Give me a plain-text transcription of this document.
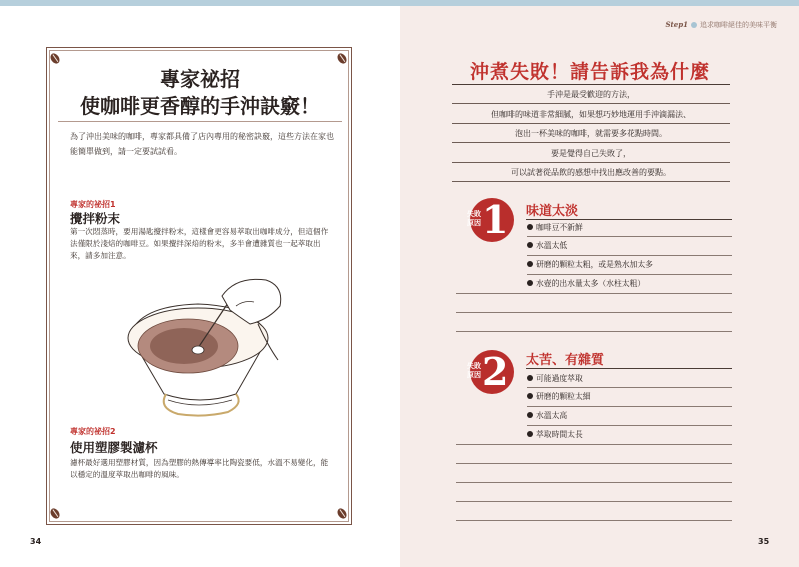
專家祕招
使咖啡更香醇的手沖訣竅！
為了沖出美味的咖啡，專家都具備了店內專用的秘密訣竅，這些方法在家也能簡單做到，請一定要試試看。
專家的祕招1
攪拌粉末
第一次悶蒸時，要用湯匙攪拌粉末，這樣會更容易萃取出咖啡成分，但這個作法僅限於淺焙的咖啡豆。如果攪拌深焙的粉末，多半會遭雜質也一起萃取出來，請多加注意。
專家的祕招2
使用塑膠製濾杯
濾杯最好選用塑膠材質，因為塑膠的熱傳導率比陶瓷要低，水溫不易變化，能以穩定的溫度萃取出咖啡的風味。
34
Step1 追求咖啡絕佳的美味平衡
沖煮失敗！請告訴我為什麼
手沖是最受歡迎的方法，
但咖啡的味道非常細膩，如果想巧妙地運用手沖滴漏法、
泡出一杯美味的咖啡，就需要多花點時間。
要是覺得自己失敗了，
可以試著從品飲的感想中找出應改善的要點。
失敗原因 1 味道太淡
咖啡豆不新鮮
水溫太低
研磨的顆粒太粗，或是熟水加太多
水壺的出水量太多（水柱太粗）
失敗原因 2 太苦、有雜質
可能過度萃取
研磨的顆粒太細
水溫太高
萃取時間太長
35
